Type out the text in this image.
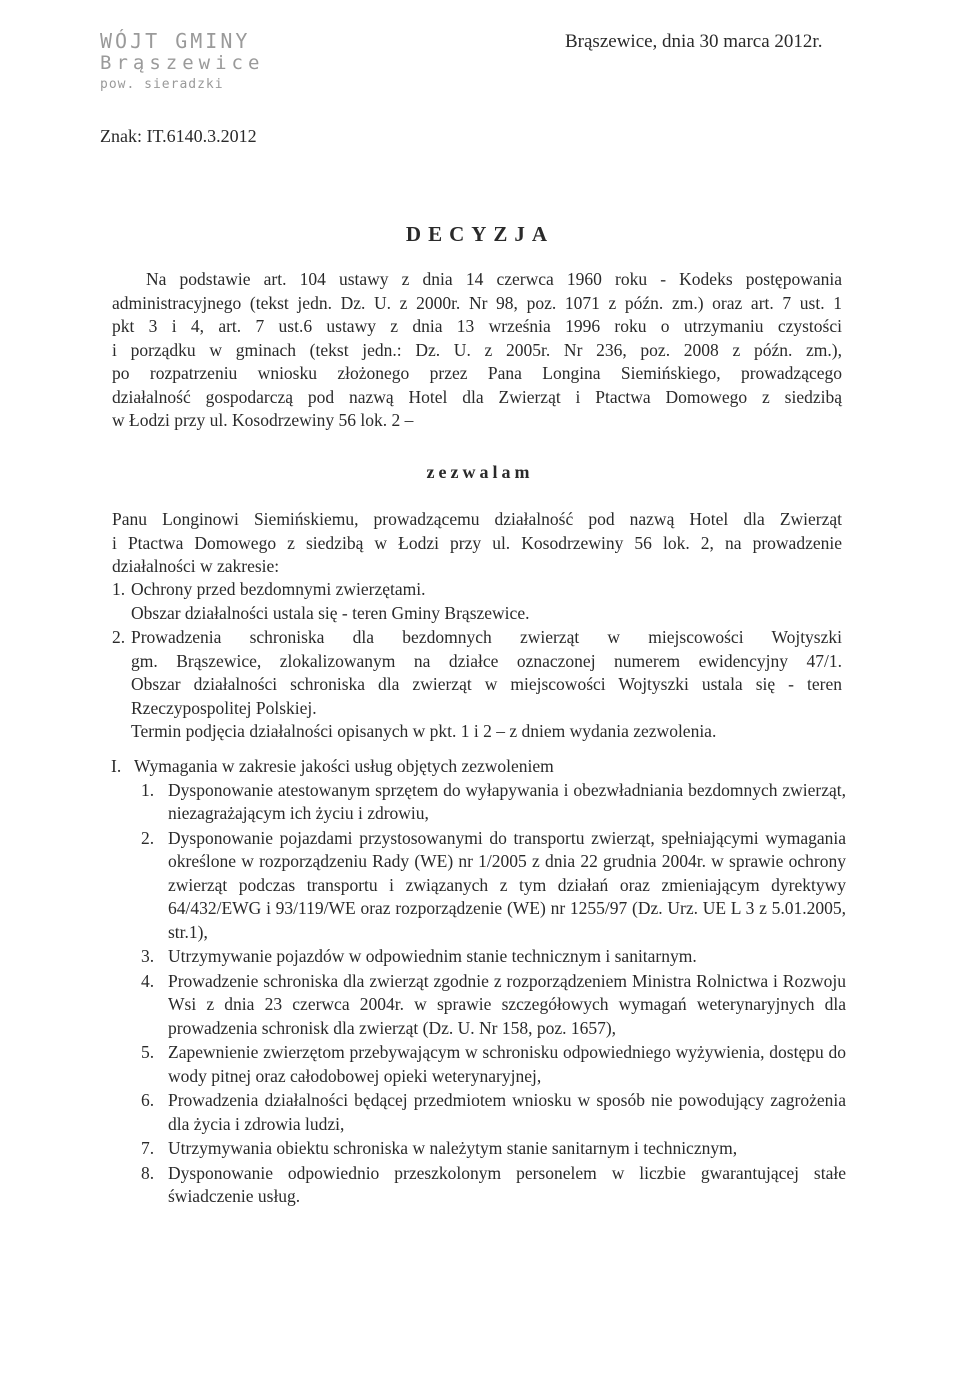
WÓJT GMINY
Brąszewice
pow. sieradzki
Brąszewice, dnia 30 marca 2012r.
Znak: IT.6140.3.2012
DECYZJA
Na podstawie art. 104 ustawy z dnia 14 czerwca 1960 roku - Kodeks postępowania
administracyjnego (tekst jedn. Dz. U. z 2000r. Nr 98, poz. 1071 z późn. zm.) oraz art. 7 ust. 1
pkt 3 i 4, art. 7 ust.6 ustawy z dnia 13 września 1996 roku o utrzymaniu czystości
i porządku w gminach (tekst jedn.: Dz. U. z 2005r. Nr 236, poz. 2008 z późn. zm.),
po rozpatrzeniu wniosku złożonego przez Pana Longina Siemińskiego, prowadzącego
działalność gospodarczą pod nazwą Hotel dla Zwierząt i Ptactwa Domowego z siedzibą
w Łodzi przy ul. Kosodrzewiny 56 lok. 2 –
zezwalam
Panu Longinowi Siemińskiemu, prowadzącemu działalność pod nazwą Hotel dla Zwierząt
i Ptactwa Domowego z siedzibą w Łodzi przy ul. Kosodrzewiny 56 lok. 2, na prowadzenie
działalności w zakresie:
1. Ochrony przed bezdomnymi zwierzętami.
Obszar działalności ustala się - teren Gminy Brąszewice.
2. Prowadzenia schroniska dla bezdomnych zwierząt w miejscowości Wojtyszki
gm. Brąszewice, zlokalizowanym na działce oznaczonej numerem ewidencyjny 47/1.
Obszar działalności schroniska dla zwierząt w miejscowości Wojtyszki ustala się - teren
Rzeczypospolitej Polskiej.
Termin podjęcia działalności opisanych w pkt. 1 i 2 – z dniem wydania zezwolenia.
I. Wymagania w zakresie jakości usług objętych zezwoleniem
1. Dysponowanie atestowanym sprzętem do wyłapywania i obezwładniania bezdomnych zwierząt, niezagrażającym ich życiu i zdrowiu,
2. Dysponowanie pojazdami przystosowanymi do transportu zwierząt, spełniającymi wymagania określone w rozporządzeniu Rady (WE) nr 1/2005 z dnia 22 grudnia 2004r. w sprawie ochrony zwierząt podczas transportu i związanych z tym działań oraz zmieniającym dyrektywy 64/432/EWG i 93/119/WE oraz rozporządzenie (WE) nr 1255/97 (Dz. Urz. UE L 3 z 5.01.2005, str.1),
3. Utrzymywanie pojazdów w odpowiednim stanie technicznym i sanitarnym.
4. Prowadzenie schroniska dla zwierząt zgodnie z rozporządzeniem Ministra Rolnictwa i Rozwoju Wsi z dnia 23 czerwca 2004r. w sprawie szczegółowych wymagań weterynaryjnych dla prowadzenia schronisk dla zwierząt (Dz. U. Nr 158, poz. 1657),
5. Zapewnienie zwierzętom przebywającym w schronisku odpowiedniego wyżywienia, dostępu do wody pitnej oraz całodobowej opieki weterynaryjnej,
6. Prowadzenia działalności będącej przedmiotem wniosku w sposób nie powodujący zagrożenia dla życia i zdrowia ludzi,
7. Utrzymywania obiektu schroniska w należytym stanie sanitarnym i technicznym,
8. Dysponowanie odpowiednio przeszkolonym personelem w liczbie gwarantującej stałe świadczenie usług.
